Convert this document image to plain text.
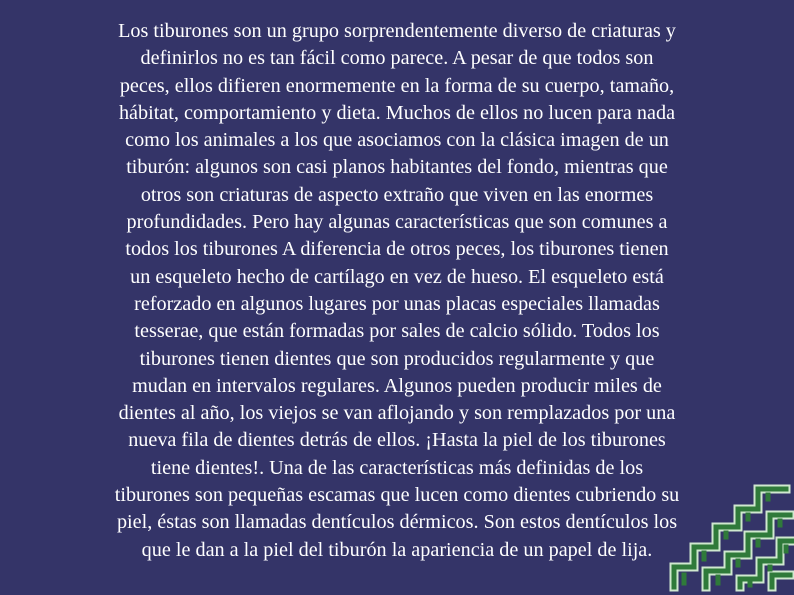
Los tiburones son un grupo sorprendentemente diverso de criaturas y
definirlos no es tan fácil como parece. A pesar de que todos son
peces, ellos difieren enormemente en la forma de su cuerpo, tamaño,
hábitat, comportamiento y dieta. Muchos de ellos no lucen para nada
como los animales a los que asociamos con la clásica imagen de un
tiburón: algunos son casi planos habitantes del fondo, mientras que
otros son criaturas de aspecto extraño que viven en las enormes
profundidades. Pero hay algunas características que son comunes a
todos los tiburones A diferencia de otros peces, los tiburones tienen
un esqueleto hecho de cartílago en vez de hueso. El esqueleto está
reforzado en algunos lugares por unas placas especiales llamadas
tesserae, que están formadas por sales de calcio sólido. Todos los
tiburones tienen dientes que son producidos regularmente y que
mudan en intervalos regulares. Algunos pueden producir miles de
dientes al año, los viejos se van aflojando y son remplazados por una
nueva fila de dientes detrás de ellos. ¡Hasta la piel de los tiburones
tiene dientes!. Una de las características más definidas de los
tiburones son pequeñas escamas que lucen como dientes cubriendo su
piel, éstas son llamadas dentículos dérmicos. Son estos dentículos los
que le dan a la piel del tiburón la apariencia de un papel de lija.
